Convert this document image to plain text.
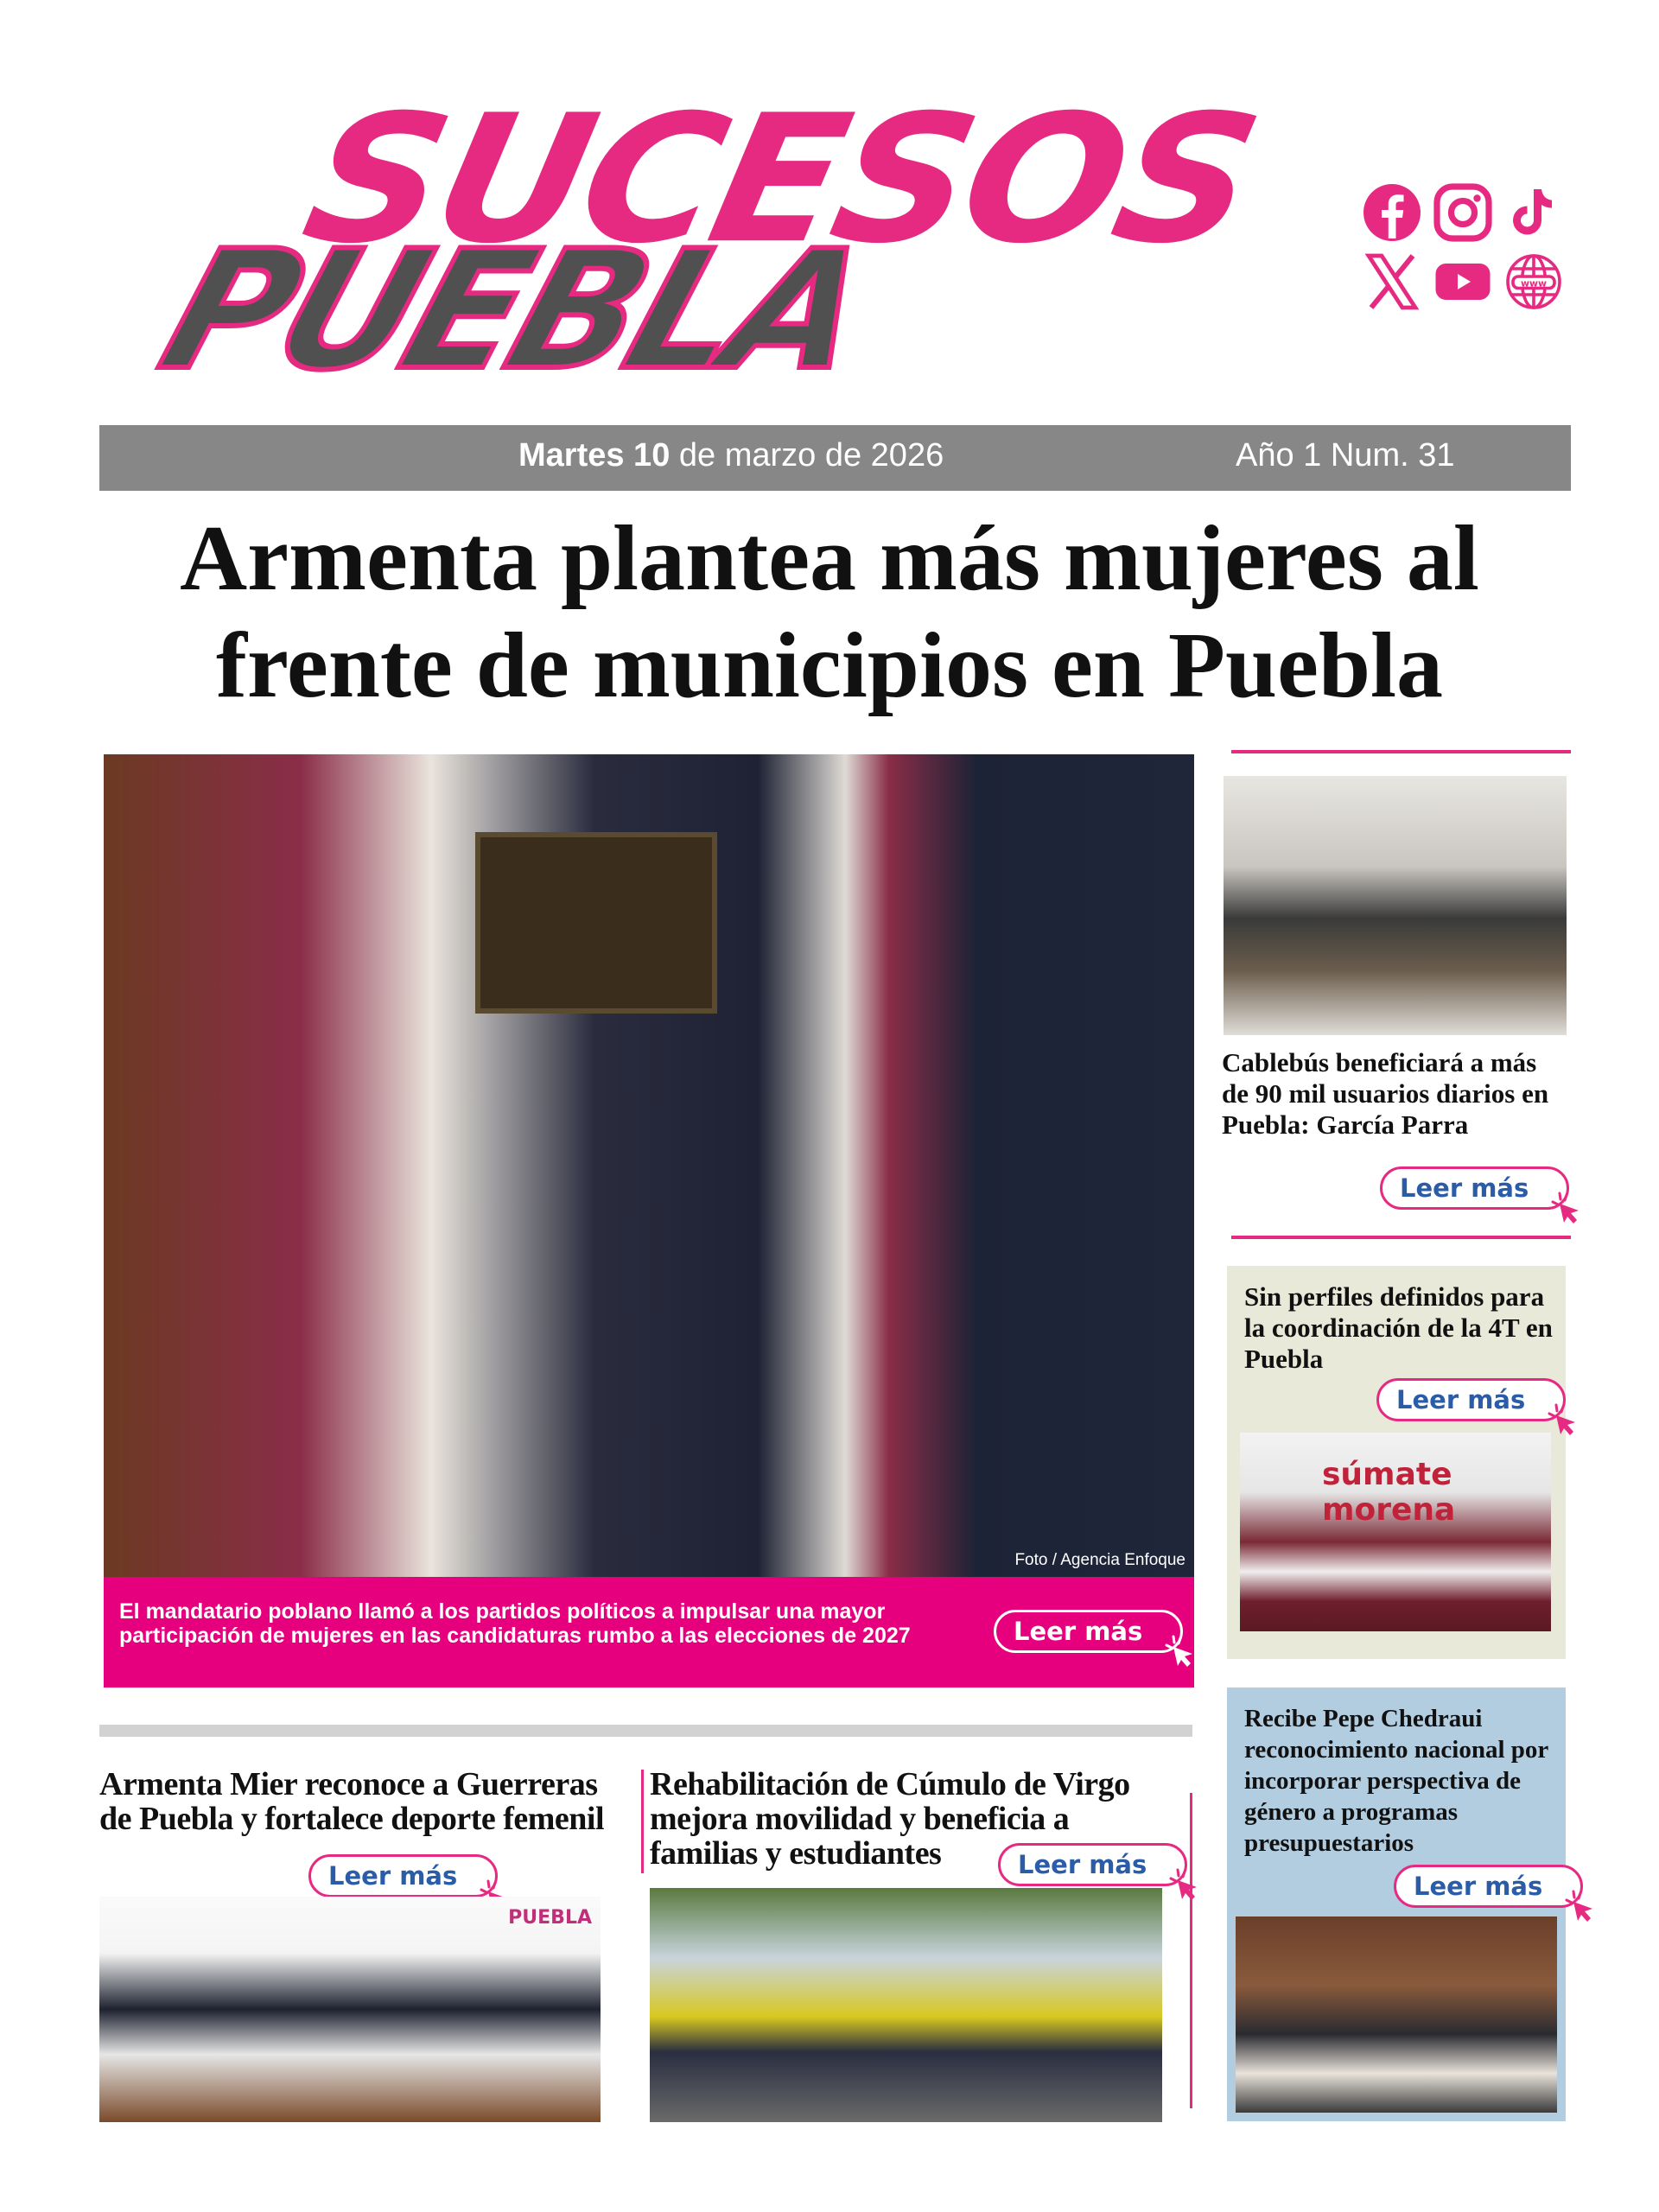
SUCESOS
PUEBLA	www
Martes 10 de marzo de 2026	Año 1 Num. 31
Armenta plantea más mujeres al
frente de municipios en Puebla
Foto / Agencia Enfoque
El mandatario poblano llamó a los partidos políticos a impulsar una mayor participación de mujeres en las candidaturas rumbo a las elecciones de 2027	Leer más
Cablebús beneficiará a más de 90 mil usuarios diarios en Puebla: García Parra
Leer más
Sin perfiles definidos para la coordinación de la 4T en Puebla
Leer más
súmate morena
Recibe Pepe Chedraui reconocimiento nacional por incorporar perspectiva de género a programas presupuestarios
Leer más
Armenta Mier reconoce a Guerreras de Puebla y fortalece deporte femenil
Leer más
PUEBLA
Rehabilitación de Cúmulo de Virgo mejora movilidad y beneficia a familias y estudiantes	Leer más
